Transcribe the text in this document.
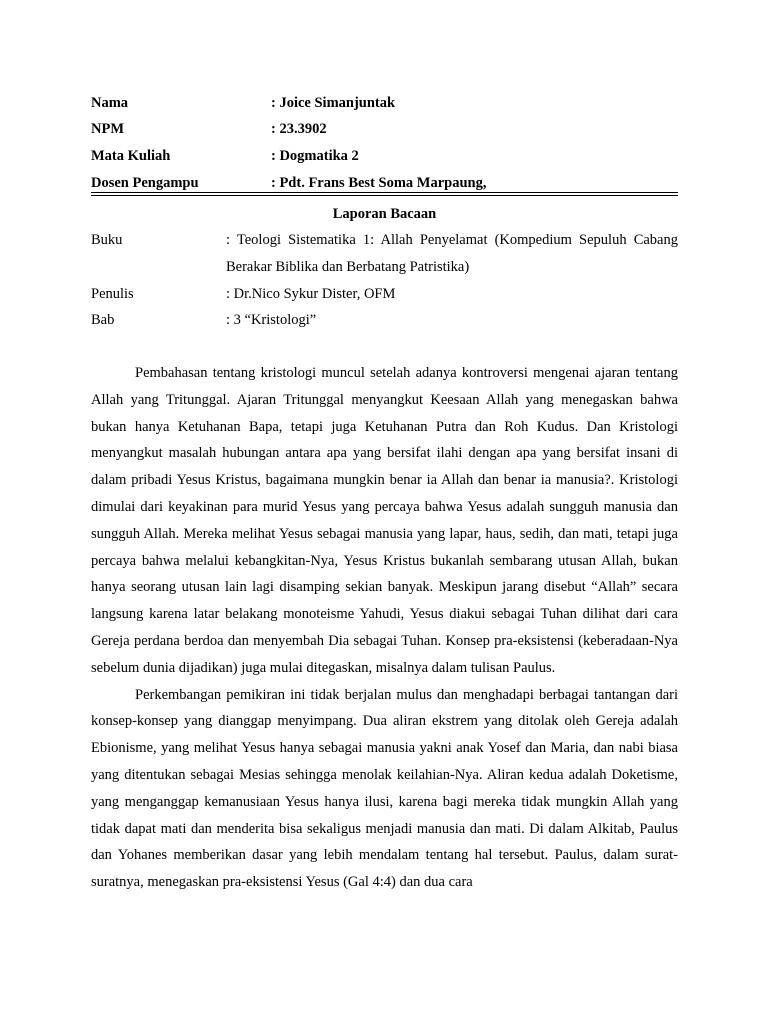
Nama	: Joice Simanjuntak
NPM	: 23.3902
Mata Kuliah	: Dogmatika 2
Dosen Pengampu	: Pdt. Frans Best Soma Marpaung,
Laporan Bacaan
Buku	: Teologi Sistematika 1: Allah Penyelamat (Kompedium Sepuluh Cabang Berakar Biblika dan Berbatang Patristika)
Penulis	: Dr.Nico Sykur Dister, OFM
Bab	: 3 “Kristologi”

Pembahasan tentang kristologi muncul setelah adanya kontroversi mengenai ajaran tentang Allah yang Tritunggal. Ajaran Tritunggal menyangkut Keesaan Allah yang menegaskan bahwa bukan hanya Ketuhanan Bapa, tetapi juga Ketuhanan Putra dan Roh Kudus. Dan Kristologi menyangkut masalah hubungan antara apa yang bersifat ilahi dengan apa yang bersifat insani di dalam pribadi Yesus Kristus, bagaimana mungkin benar ia Allah dan benar ia manusia?. Kristologi dimulai dari keyakinan para murid Yesus yang percaya bahwa Yesus adalah sungguh manusia dan sungguh Allah. Mereka melihat Yesus sebagai manusia yang lapar, haus, sedih, dan mati, tetapi juga percaya bahwa melalui kebangkitan-Nya, Yesus Kristus bukanlah sembarang utusan Allah, bukan hanya seorang utusan lain lagi disamping sekian banyak. Meskipun jarang disebut “Allah” secara langsung karena latar belakang monoteisme Yahudi, Yesus diakui sebagai Tuhan dilihat dari cara Gereja perdana berdoa dan menyembah Dia sebagai Tuhan. Konsep pra-eksistensi (keberadaan-Nya sebelum dunia dijadikan) juga mulai ditegaskan, misalnya dalam tulisan Paulus.

Perkembangan pemikiran ini tidak berjalan mulus dan menghadapi berbagai tantangan dari konsep-konsep yang dianggap menyimpang. Dua aliran ekstrem yang ditolak oleh Gereja adalah Ebionisme, yang melihat Yesus hanya sebagai manusia yakni anak Yosef dan Maria, dan nabi biasa yang ditentukan sebagai Mesias sehingga menolak keilahian-Nya. Aliran kedua adalah Doketisme, yang menganggap kemanusiaan Yesus hanya ilusi, karena bagi mereka tidak mungkin Allah yang tidak dapat mati dan menderita bisa sekaligus menjadi manusia dan mati. Di dalam Alkitab, Paulus dan Yohanes memberikan dasar yang lebih mendalam tentang hal tersebut. Paulus, dalam surat-suratnya, menegaskan pra-eksistensi Yesus (Gal 4:4) dan dua cara
